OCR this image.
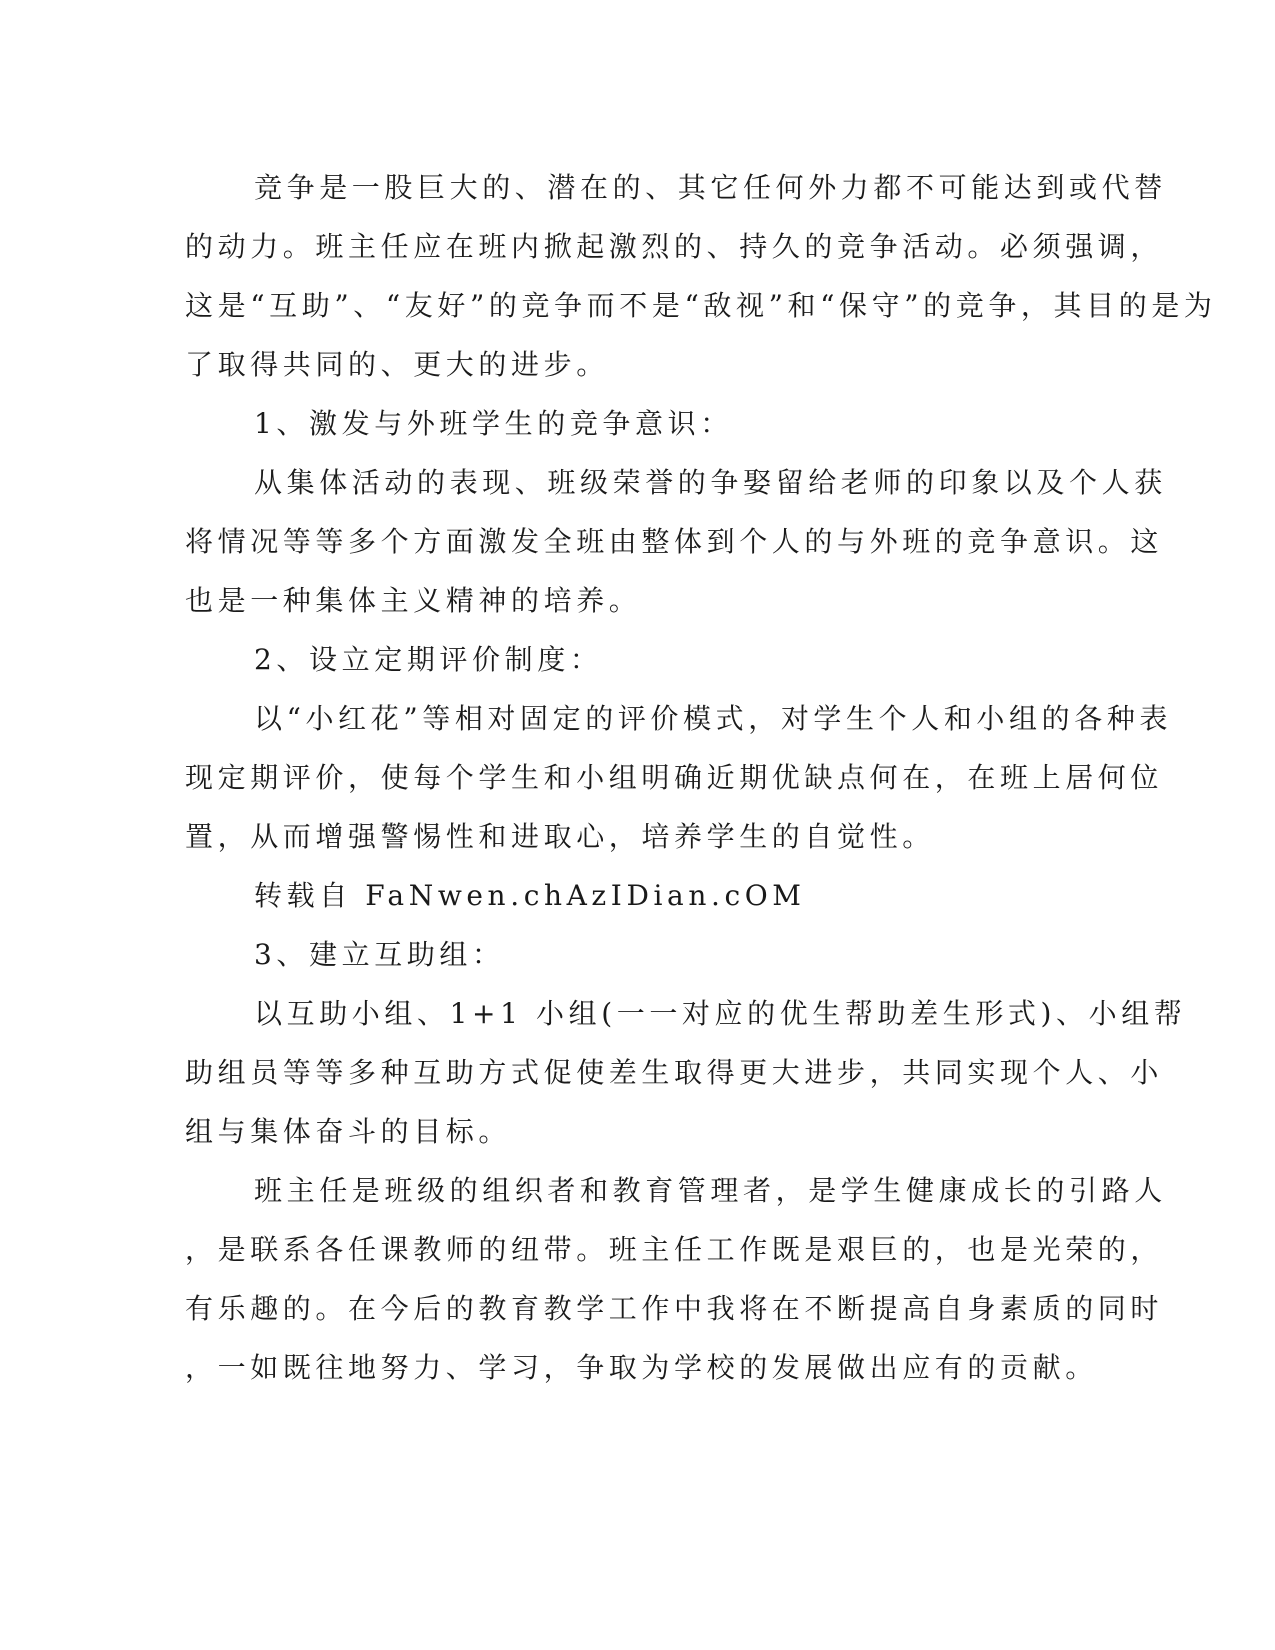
竞争是一股巨大的、潜在的、其它任何外力都不可能达到或代替
的动力。班主任应在班内掀起激烈的、持久的竞争活动。必须强调，
这是“互助”、“友好”的竞争而不是“敌视”和“保守”的竞争，其目的是为
了取得共同的、更大的进步。
1、激发与外班学生的竞争意识：
从集体活动的表现、班级荣誉的争娶留给老师的印象以及个人获
将情况等等多个方面激发全班由整体到个人的与外班的竞争意识。这
也是一种集体主义精神的培养。
2、设立定期评价制度：
以“小红花”等相对固定的评价模式，对学生个人和小组的各种表
现定期评价，使每个学生和小组明确近期优缺点何在，在班上居何位
置，从而增强警惕性和进取心，培养学生的自觉性。
转载自 FaNwen.chAzIDian.cOM
3、建立互助组：
以互助小组、1+1 小组(一一对应的优生帮助差生形式)、小组帮
助组员等等多种互助方式促使差生取得更大进步，共同实现个人、小
组与集体奋斗的目标。
班主任是班级的组织者和教育管理者，是学生健康成长的引路人
，是联系各任课教师的纽带。班主任工作既是艰巨的，也是光荣的，
有乐趣的。在今后的教育教学工作中我将在不断提高自身素质的同时
，一如既往地努力、学习，争取为学校的发展做出应有的贡献。
